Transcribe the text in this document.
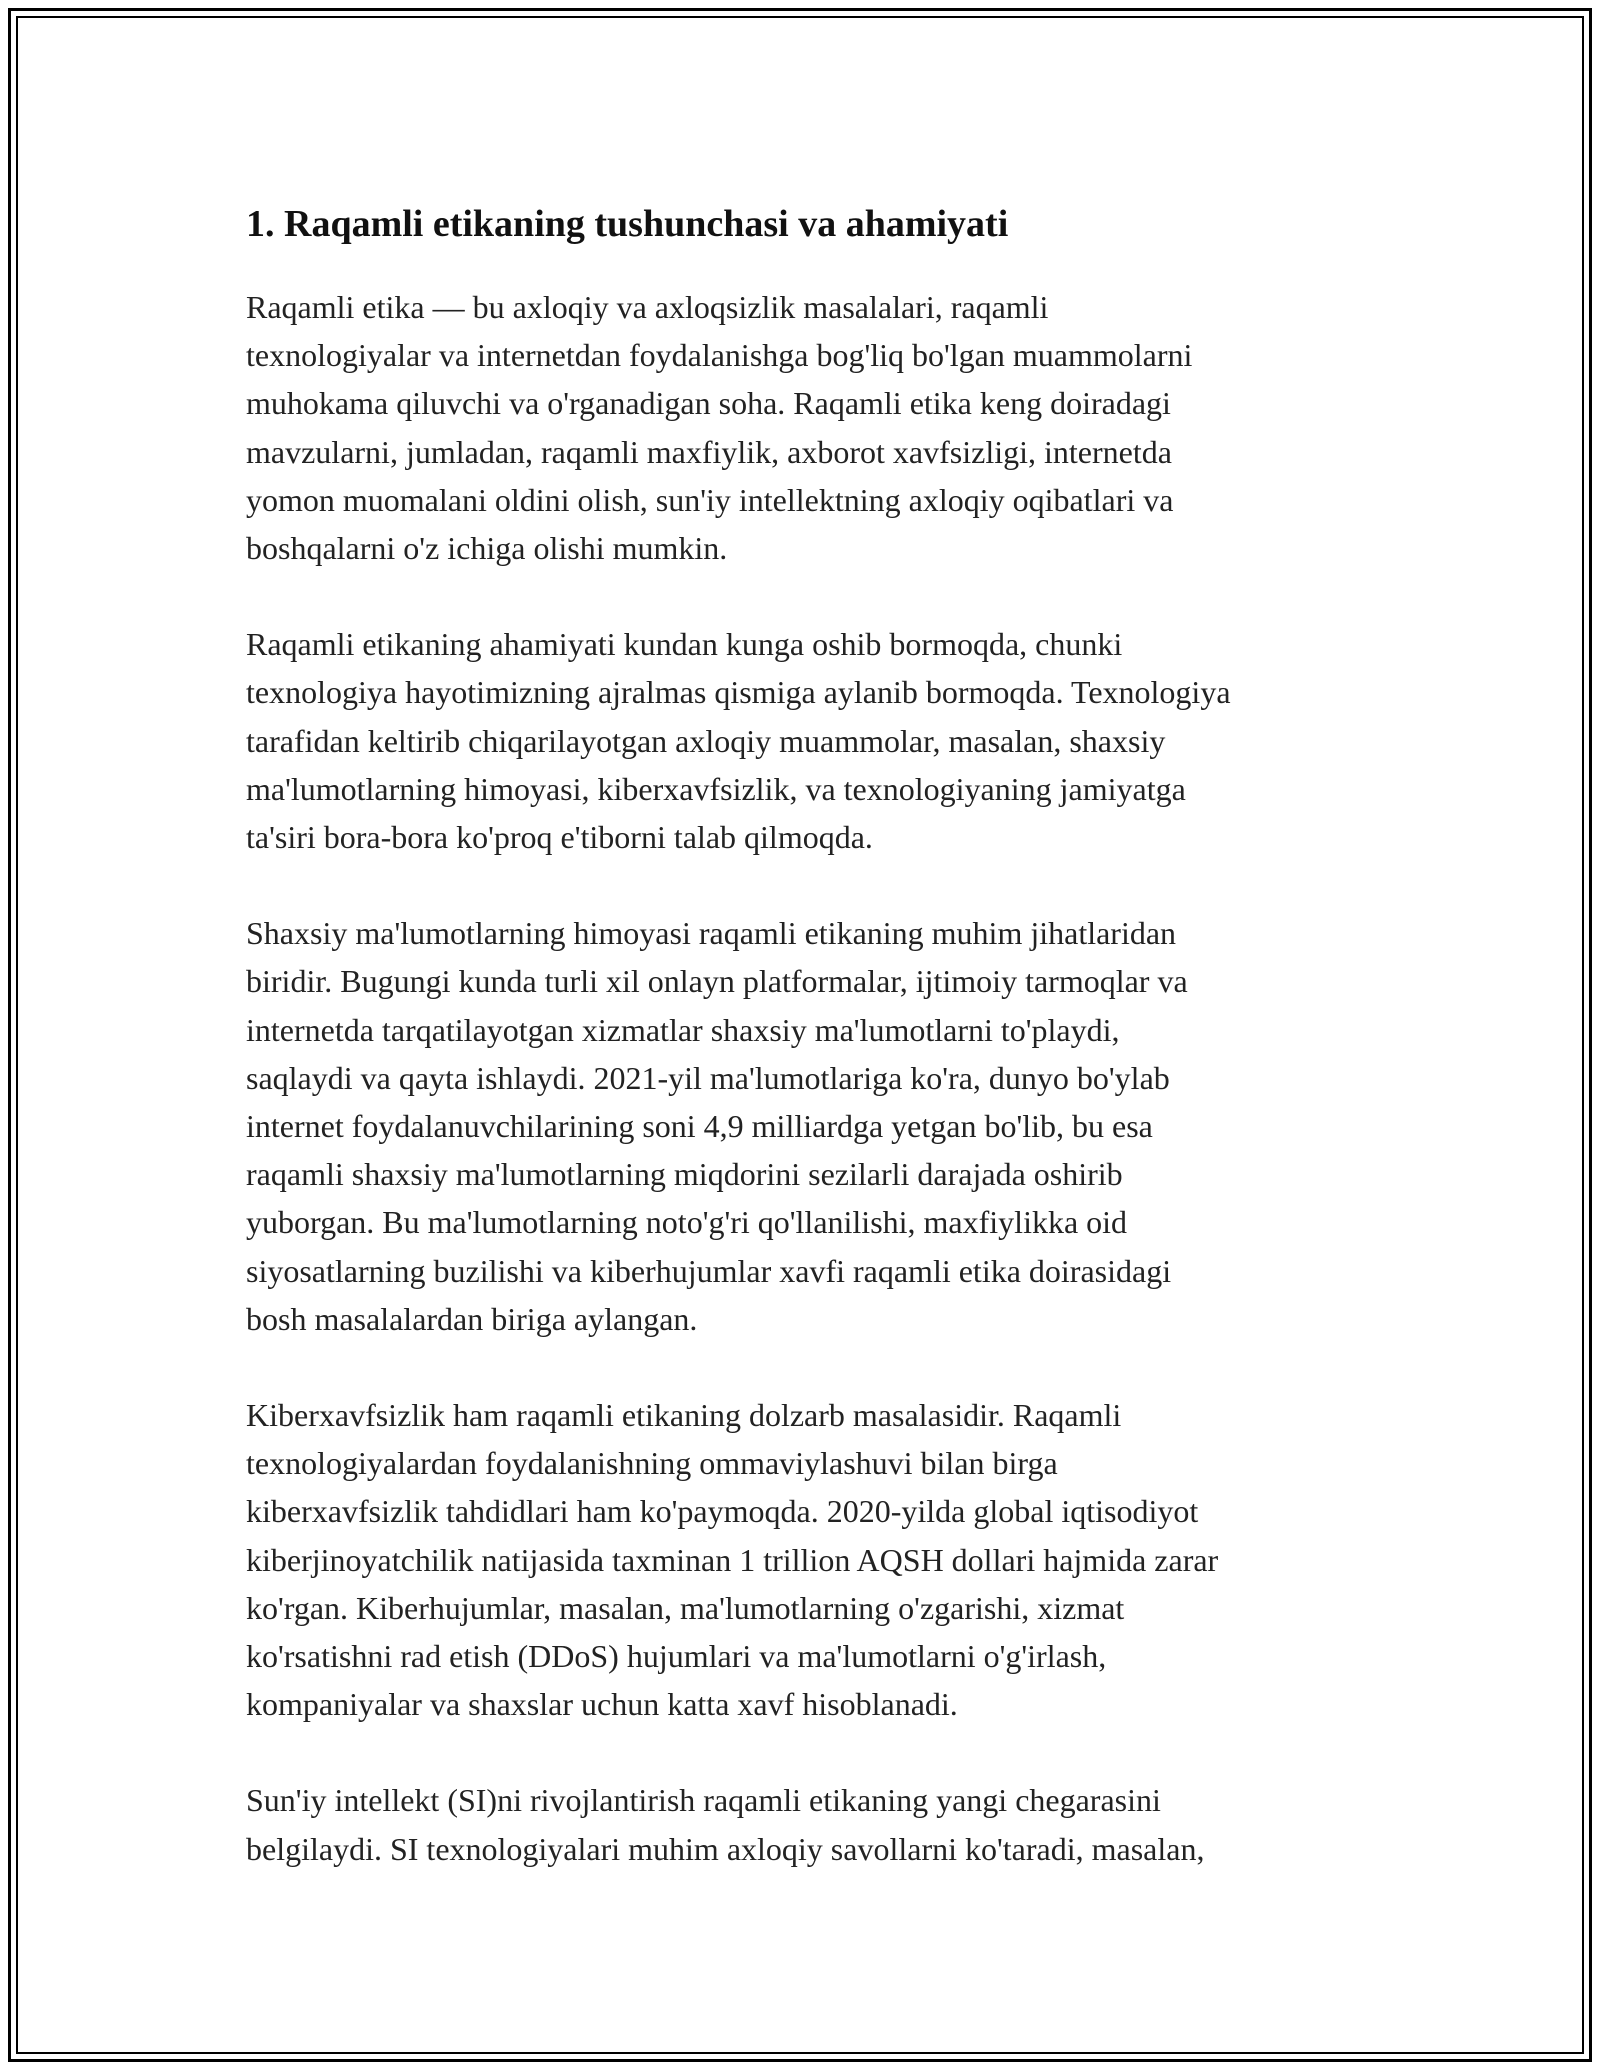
1. Raqamli etikaning tushunchasi va ahamiyati

Raqamli etika — bu axloqiy va axloqsizlik masalalari, raqamli
texnologiyalar va internetdan foydalanishga bog'liq bo'lgan muammolarni
muhokama qiluvchi va o'rganadigan soha. Raqamli etika keng doiradagi
mavzularni, jumladan, raqamli maxfiylik, axborot xavfsizligi, internetda
yomon muomalani oldini olish, sun'iy intellektning axloqiy oqibatlari va
boshqalarni o'z ichiga olishi mumkin.

Raqamli etikaning ahamiyati kundan kunga oshib bormoqda, chunki
texnologiya hayotimizning ajralmas qismiga aylanib bormoqda. Texnologiya
tarafidan keltirib chiqarilayotgan axloqiy muammolar, masalan, shaxsiy
ma'lumotlarning himoyasi, kiberxavfsizlik, va texnologiyaning jamiyatga
ta'siri bora-bora ko'proq e'tiborni talab qilmoqda.

Shaxsiy ma'lumotlarning himoyasi raqamli etikaning muhim jihatlaridan
biridir. Bugungi kunda turli xil onlayn platformalar, ijtimoiy tarmoqlar va
internetda tarqatilayotgan xizmatlar shaxsiy ma'lumotlarni to'playdi,
saqlaydi va qayta ishlaydi. 2021-yil ma'lumotlariga ko'ra, dunyo bo'ylab
internet foydalanuvchilarining soni 4,9 milliardga yetgan bo'lib, bu esa
raqamli shaxsiy ma'lumotlarning miqdorini sezilarli darajada oshirib
yuborgan. Bu ma'lumotlarning noto'g'ri qo'llanilishi, maxfiylikka oid
siyosatlarning buzilishi va kiberhujumlar xavfi raqamli etika doirasidagi
bosh masalalardan biriga aylangan.

Kiberxavfsizlik ham raqamli etikaning dolzarb masalasidir. Raqamli
texnologiyalardan foydalanishning ommaviylashuvi bilan birga
kiberxavfsizlik tahdidlari ham ko'paymoqda. 2020-yilda global iqtisodiyot
kiberjinoyatchilik natijasida taxminan 1 trillion AQSH dollari hajmida zarar
ko'rgan. Kiberhujumlar, masalan, ma'lumotlarning o'zgarishi, xizmat
ko'rsatishni rad etish (DDoS) hujumlari va ma'lumotlarni o'g'irlash,
kompaniyalar va shaxslar uchun katta xavf hisoblanadi.

Sun'iy intellekt (SI)ni rivojlantirish raqamli etikaning yangi chegarasini
belgilaydi. SI texnologiyalari muhim axloqiy savollarni ko'taradi, masalan,
